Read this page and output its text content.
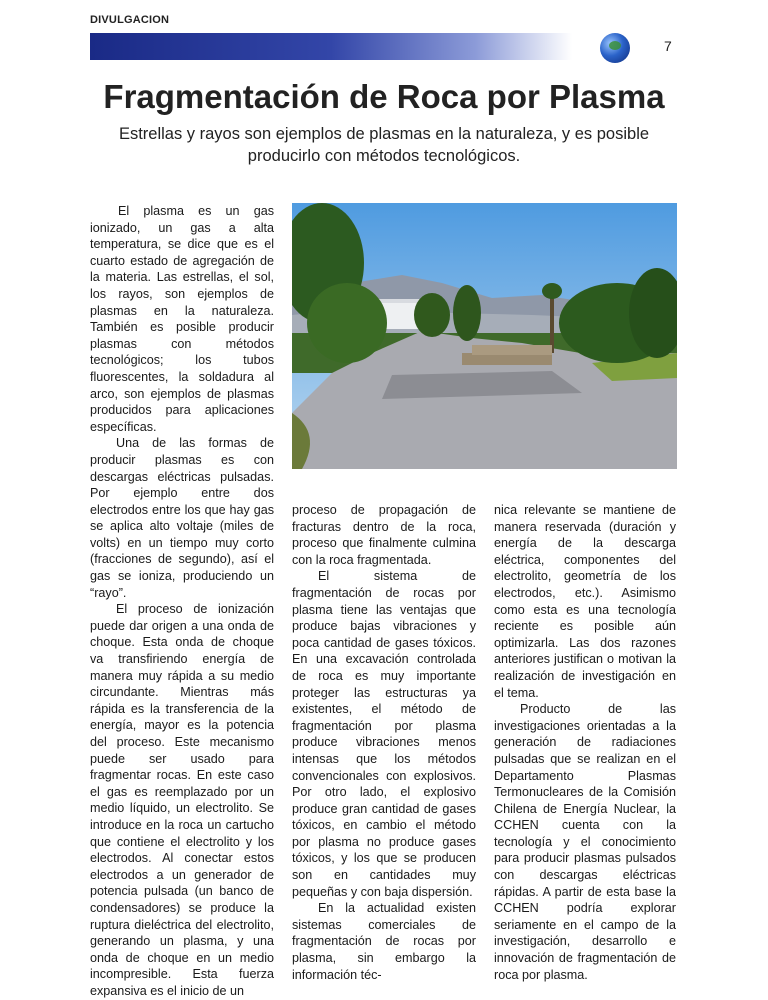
DIVULGACION
7
Fragmentación de Roca por Plasma
Estrellas y rayos son ejemplos de plasmas en la naturaleza, y es posible producirlo con métodos tecnológicos.

El plasma es un gas ionizado, un gas a alta temperatura, se dice que es el cuarto estado de agregación de la materia. Las estrellas, el sol, los rayos, son ejemplos de plasmas en la naturaleza. También es posible producir plasmas con métodos tecnológicos; los tubos fluorescentes, la soldadura al arco, son ejemplos de plasmas producidos para aplicaciones específicas.

Una de las formas de producir plasmas es con descargas eléctricas pulsadas. Por ejemplo entre dos electrodos entre los que hay gas se aplica alto voltaje (miles de volts) en un tiempo muy corto (fracciones de segundo), así el gas se ioniza, produciendo un “rayo”.

El proceso de ionización puede dar origen a una onda de choque. Esta onda de choque va transfiriendo energía de manera muy rápida a su medio circundante. Mientras más rápida es la transferencia de la energía, mayor es la potencia del proceso. Este mecanismo puede ser usado para fragmentar rocas. En este caso el gas es reemplazado por un medio líquido, un electrolito. Se introduce en la roca un cartucho que contiene el electrolito y los electrodos. Al conectar estos electrodos a un generador de potencia pulsada (un banco de condensadores) se produce la ruptura dieléctrica del electrolito, generando un plasma, y una onda de choque en un medio incompresible. Esta fuerza expansiva es el inicio de un

proceso de propagación de fracturas dentro de la roca, proceso que finalmente culmina con la roca fragmentada.

El sistema de fragmentación de rocas por plasma tiene las ventajas que produce bajas vibraciones y poca cantidad de gases tóxicos. En una excavación controlada de roca es muy importante proteger las estructuras ya existentes, el método de fragmentación por plasma produce vibraciones menos intensas que los métodos convencionales con explosivos. Por otro lado, el explosivo produce gran cantidad de gases tóxicos, en cambio el método por plasma no produce gases tóxicos, y los que se producen son en cantidades muy pequeñas y con baja dispersión.

En la actualidad existen sistemas comerciales de fragmentación de rocas por plasma, sin embargo la información téc-

nica relevante se mantiene de manera reservada (duración y energía de la descarga eléctrica, componentes del electrolito, geometría de los electrodos, etc.). Asimismo como esta es una tecnología reciente es posible aún optimizarla. Las dos razones anteriores justifican o motivan la realización de investigación en el tema.

Producto de las investigaciones orientadas a la generación de radiaciones pulsadas que se realizan en el Departamento Plasmas Termonucleares de la Comisión Chilena de Energía Nuclear, la CCHEN cuenta con la tecnología y el conocimiento para producir plasmas pulsados con descargas eléctricas rápidas. A partir de esta base la CCHEN podría explorar seriamente en el campo de la investigación, desarrollo e innovación de fragmentación de roca por plasma.
